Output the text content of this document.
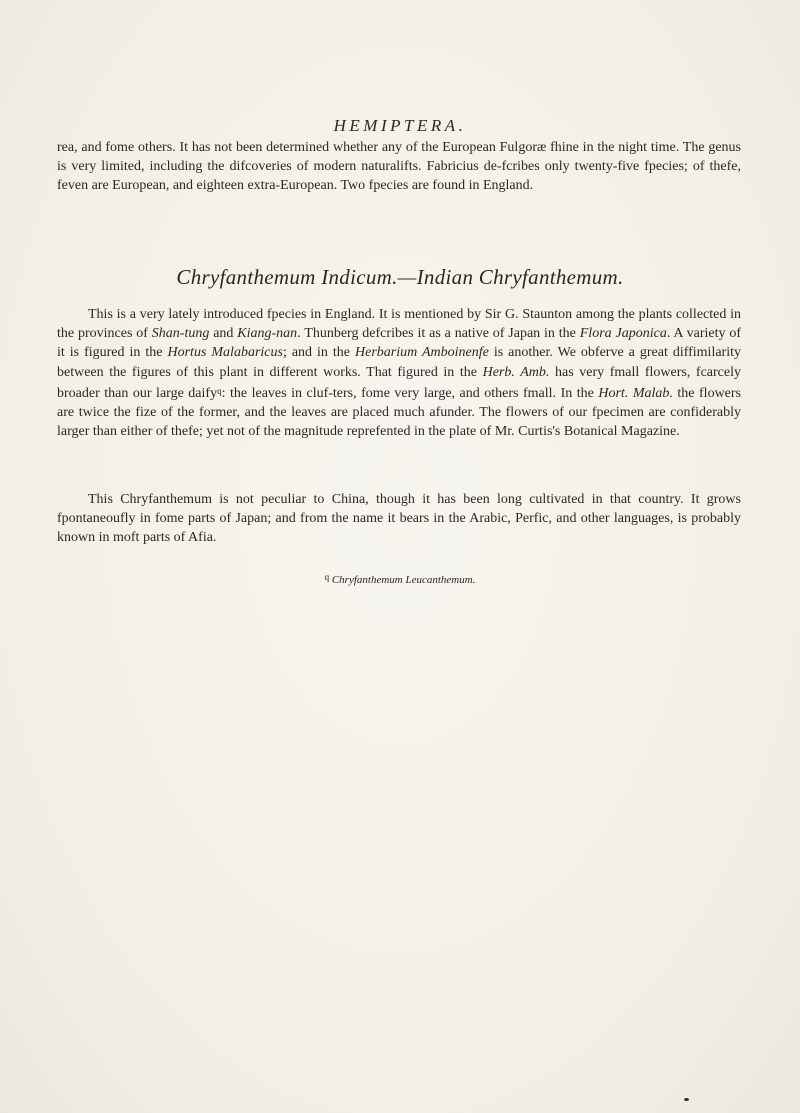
HEMIPTERA.

rea, and fome others. It has not been determined whether any of the European Fulgoræ fhine in the night time. The genus is very limited, including the difcoveries of modern naturalifts. Fabricius de-fcribes only twenty-five fpecies; of thefe, feven are European, and eighteen extra-European. Two fpecies are found in England.

Chryfanthemum Indicum.—Indian Chryfanthemum.

This is a very lately introduced fpecies in England. It is mentioned by Sir G. Staunton among the plants collected in the provinces of Shan-tung and Kiang-nan. Thunberg defcribes it as a native of Japan in the Flora Japonica. A variety of it is figured in the Hortus Malabaricus; and in the Herbarium Amboinenfe is another. We obferve a great diffimilarity between the figures of this plant in different works. That figured in the Herb. Amb. has very fmall flowers, fcarcely broader than our large daify$^q$: the leaves in cluf-ters, fome very large, and others fmall. In the Hort. Malab. the flowers are twice the fize of the former, and the leaves are placed much afunder. The flowers of our fpecimen are confiderably larger than either of thefe; yet not of the magnitude reprefented in the plate of Mr. Curtis's Botanical Magazine.

This Chryfanthemum is not peculiar to China, though it has been long cultivated in that country. It grows fpontaneoufly in fome parts of Japan; and from the name it bears in the Arabic, Perfic, and other languages, is probably known in moft parts of Afia.

$^q$ Chryfanthemum Leucanthemum.
